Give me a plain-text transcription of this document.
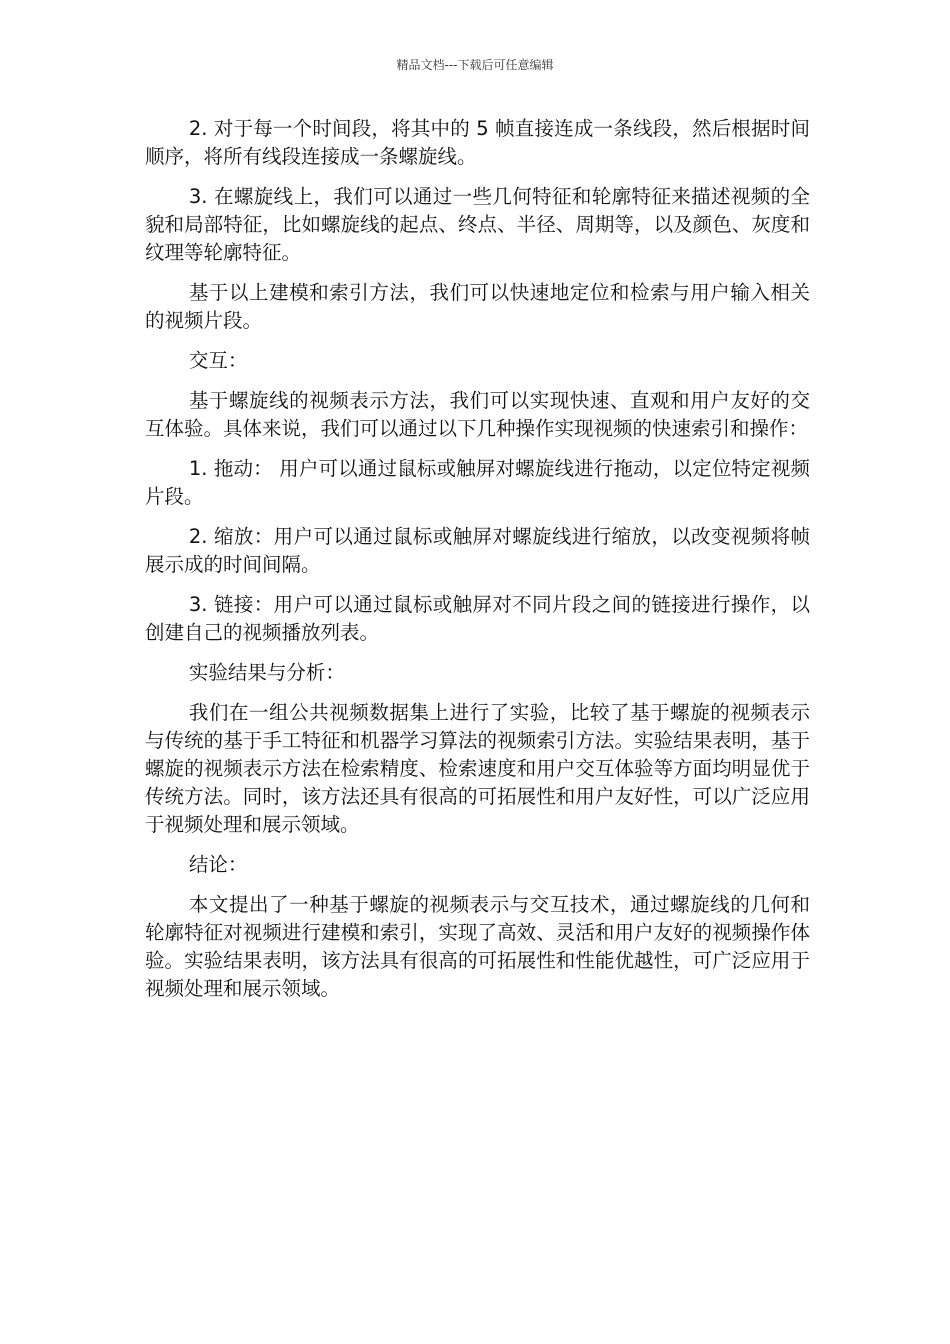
精品文档---下载后可任意编辑

2. 对于每一个时间段，将其中的 5 帧直接连成一条线段，然后根据时间顺序，将所有线段连接成一条螺旋线。

3. 在螺旋线上，我们可以通过一些几何特征和轮廓特征来描述视频的全貌和局部特征，比如螺旋线的起点、终点、半径、周期等，以及颜色、灰度和纹理等轮廓特征。

基于以上建模和索引方法，我们可以快速地定位和检索与用户输入相关的视频片段。

交互：

基于螺旋线的视频表示方法，我们可以实现快速、直观和用户友好的交互体验。具体来说，我们可以通过以下几种操作实现视频的快速索引和操作：

1. 拖动： 用户可以通过鼠标或触屏对螺旋线进行拖动，以定位特定视频片段。

2. 缩放：用户可以通过鼠标或触屏对螺旋线进行缩放，以改变视频将帧展示成的时间间隔。

3. 链接：用户可以通过鼠标或触屏对不同片段之间的链接进行操作，以创建自己的视频播放列表。

实验结果与分析：

我们在一组公共视频数据集上进行了实验，比较了基于螺旋的视频表示与传统的基于手工特征和机器学习算法的视频索引方法。实验结果表明，基于螺旋的视频表示方法在检索精度、检索速度和用户交互体验等方面均明显优于传统方法。同时，该方法还具有很高的可拓展性和用户友好性，可以广泛应用于视频处理和展示领域。

结论：

本文提出了一种基于螺旋的视频表示与交互技术，通过螺旋线的几何和轮廓特征对视频进行建模和索引，实现了高效、灵活和用户友好的视频操作体验。实验结果表明，该方法具有很高的可拓展性和性能优越性，可广泛应用于视频处理和展示领域。
